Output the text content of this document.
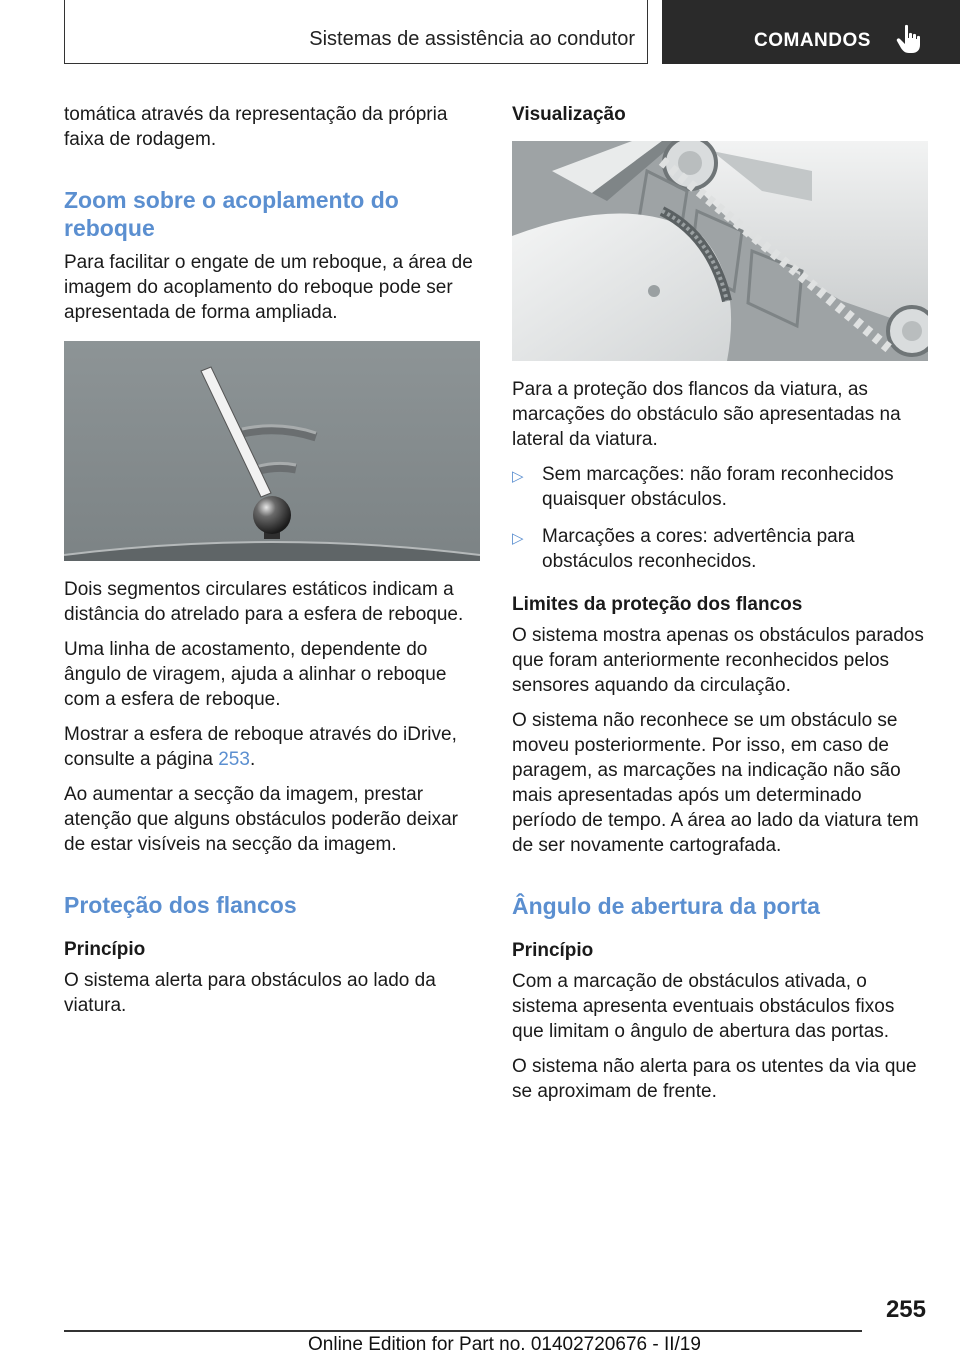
Sistemas de assistência ao condutor	COMANDOS

tomática através da representação da própria faixa de rodagem.

Zoom sobre o acoplamento do reboque

Para facilitar o engate de um reboque, a área de imagem do acoplamento do reboque pode ser apresentada de forma ampliada.

Dois segmentos circulares estáticos indicam a distância do atrelado para a esfera de reboque.

Uma linha de acostamento, dependente do ângulo de viragem, ajuda a alinhar o reboque com a esfera de reboque.

Mostrar a esfera de reboque através do iDrive, consulte a página 253.

Ao aumentar a secção da imagem, prestar atenção que alguns obstáculos poderão deixar de estar visíveis na secção da imagem.

Proteção dos flancos
Princípio

O sistema alerta para obstáculos ao lado da viatura.

Visualização

Para a proteção dos flancos da viatura, as marcações do obstáculo são apresentadas na lateral da viatura.

▷ Sem marcações: não foram reconhecidos quaisquer obstáculos.
▷ Marcações a cores: advertência para obstáculos reconhecidos.
Limites da proteção dos flancos

O sistema mostra apenas os obstáculos parados que foram anteriormente reconhecidos pelos sensores aquando da circulação.

O sistema não reconhece se um obstáculo se moveu posteriormente. Por isso, em caso de paragem, as marcações na indicação não são mais apresentadas após um determinado período de tempo. A área ao lado da viatura tem de ser novamente cartografada.

Ângulo de abertura da porta
Princípio

Com a marcação de obstáculos ativada, o sistema apresenta eventuais obstáculos fixos que limitam o ângulo de abertura das portas.

O sistema não alerta para os utentes da via que se aproximam de frente.

255
Online Edition for Part no. 01402720676 - II/19
